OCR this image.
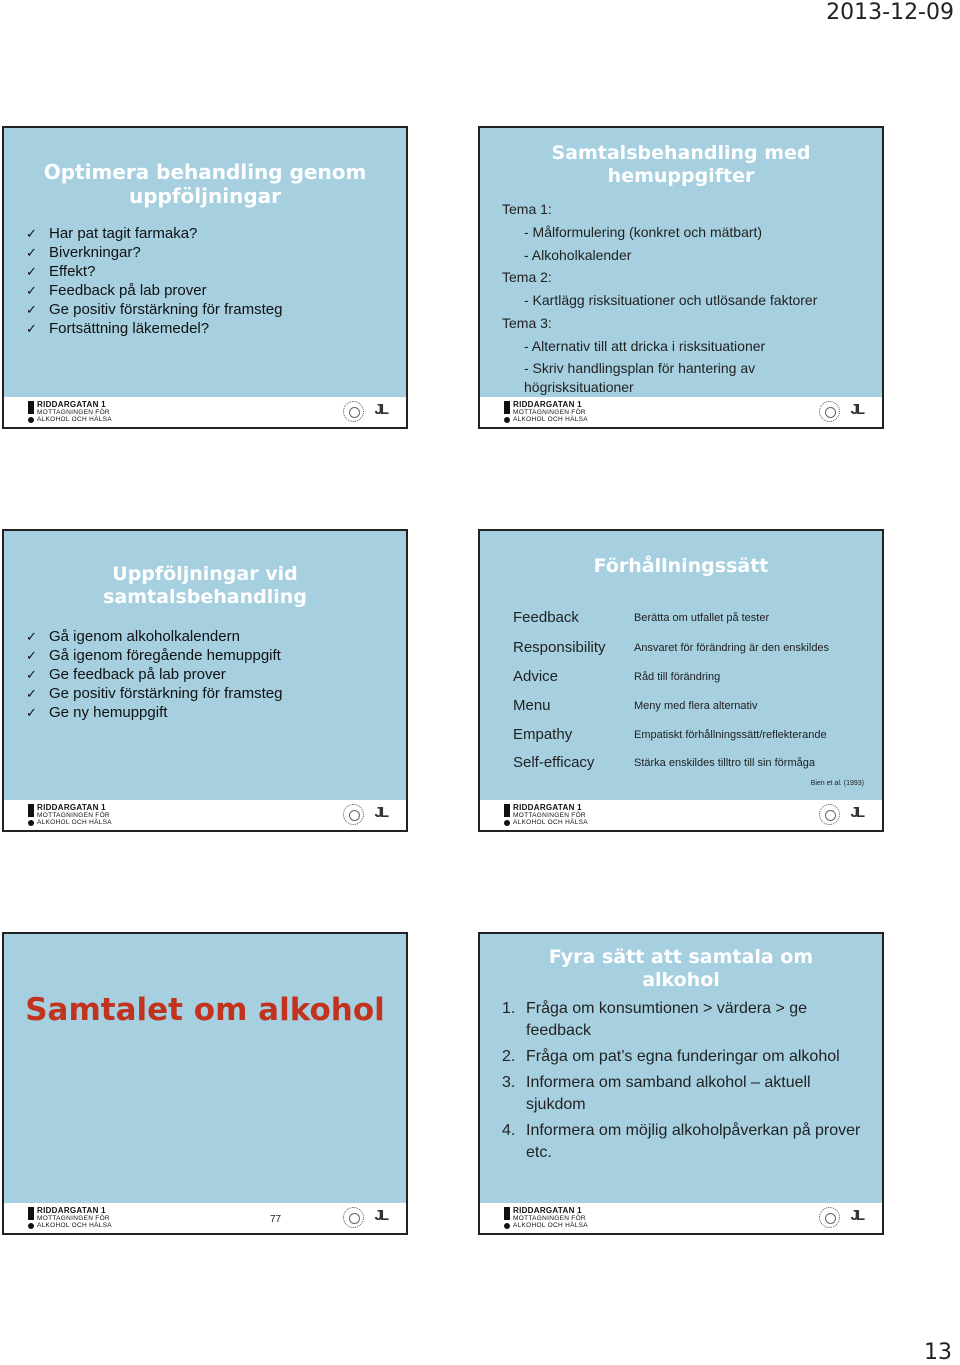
2013-12-09
Optimera behandling genom
uppföljningar
✓ Har pat tagit farmaka?
✓ Biverkningar?
✓ Effekt?
✓ Feedback på lab prover
✓ Ge positiv förstärkning för framsteg
✓ Fortsättning läkemedel?
RIDDARGATAN 1
MOTTAGNINGEN FÖR
ALKOHOL OCH HÄLSA
JL
Samtalsbehandling med
hemuppgifter
Tema 1:
- Målformulering (konkret och mätbart)
- Alkoholkalender
Tema 2:
- Kartlägg risksituationer och utlösande faktorer
Tema 3:
- Alternativ till att dricka i risksituationer
- Skriv handlingsplan för hantering av
högrisksituationer
RIDDARGATAN 1
MOTTAGNINGEN FÖR
ALKOHOL OCH HÄLSA
JL
Uppföljningar vid
samtalsbehandling
✓ Gå igenom alkoholkalendern
✓ Gå igenom föregående hemuppgift
✓ Ge feedback på lab prover
✓ Ge positiv förstärkning för framsteg
✓ Ge ny hemuppgift
RIDDARGATAN 1
MOTTAGNINGEN FÖR
ALKOHOL OCH HÄLSA
JL
Förhållningssätt
Feedback	Berätta om utfallet på tester
Responsibility	Ansvaret för förändring är den enskildes
Advice	Råd till förändring
Menu	Meny med flera alternativ
Empathy	Empatiskt förhållningssätt/reflekterande
Self-efficacy	Stärka enskildes tilltro till sin förmåga
Bien et al. (1993)
RIDDARGATAN 1
MOTTAGNINGEN FÖR
ALKOHOL OCH HÄLSA
JL
Samtalet om alkohol
RIDDARGATAN 1
MOTTAGNINGEN FÖR
ALKOHOL OCH HÄLSA
77	JL
Fyra sätt att samtala om
alkohol
1. Fråga om konsumtionen > värdera > ge feedback
2. Fråga om pat’s egna funderingar om alkohol
3. Informera om samband alkohol – aktuell sjukdom
4. Informera om möjlig alkoholpåverkan på prover etc.
RIDDARGATAN 1
MOTTAGNINGEN FÖR
ALKOHOL OCH HÄLSA
JL
13
